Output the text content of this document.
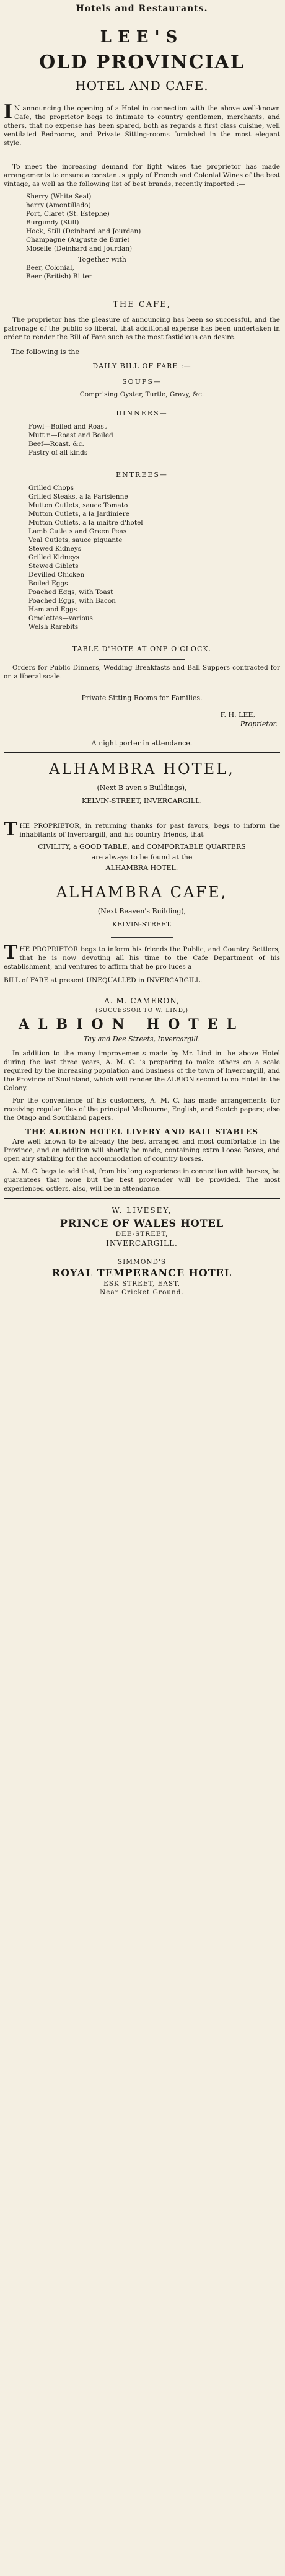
Hotels and Restaurants.
LEE'S
OLD PROVINCIAL
HOTEL AND CAFE.

IN announcing the opening of a Hotel in connection with the above well-known Cafe, the proprietor begs to intimate to country gentlemen, merchants, and others, that no expense has been spared, both as regards a first class cuisine, well ventilated Bedrooms, and Private Sitting-rooms furnished in the most elegant style.

To meet the increasing demand for light wines the proprietor has made arrangements to ensure a constant supply of French and Colonial Wines of the best vintage, as well as the following list of best brands, recently imported :—

Sherry (White Seal)
herry (Amontillado)
Port, Claret (St. Estephe)
Burgundy (Still)
Hock, Still (Deinhard and Jourdan)
Champagne (Auguste de Burie)
Moselle (Deinhard and Jourdan)
Together with
Beer, Colonial,
Beer (British) Bitter
THE CAFE,

The proprietor has the pleasure of announcing has been so successful, and the patronage of the public so liberal, that additional expense has been undertaken in order to render the Bill of Fare such as the most fastidious can desire.

The following is the
DAILY BILL OF FARE :—
SOUPS—
Comprising Oyster, Turtle, Gravy, &c.
DINNERS—
Fowl—Boiled and Roast
Mutt n—Roast and Boiled
Beef—Roast, &c.
Pastry of all kinds
ENTREES—
Grilled Chops
Grilled Steaks, a la Parisienne
Mutton Cutlets, sauce Tomato
Mutton Cutlets, a la Jardiniere
Mutton Cutlets, a la maitre d'hotel
Lamb Cutlets and Green Peas
Veal Cutlets, sauce piquante
Stewed Kidneys
Grilled Kidneys
Stewed Giblets
Devilled Chicken
Boiled Eggs
Poached Eggs, with Toast
Poached Eggs, with Bacon
Ham and Eggs
Omelettes—various
Welsh Rarebits
TABLE D'HOTE AT ONE O'CLOCK.

Orders for Public Dinners, Wedding Breakfasts and Ball Suppers contracted for on a liberal scale.

Private Sitting Rooms for Families.
F. H. LEE,
Proprietor.
A night porter in attendance.
ALHAMBRA HOTEL,
(Next B aven's Buildings),
KELVIN-STREET, INVERCARGILL.

THE PROPRIETOR, in returning thanks for past favors, begs to inform the inhabitants of Invercargill, and his country friends, that

CIVILITY, a GOOD TABLE, and COMFORTABLE QUARTERS
are always to be found at the
ALHAMBRA HOTEL.
ALHAMBRA CAFE,
(Next Beaven's Building),
KELVIN-STREET.

THE PROPRIETOR begs to inform his friends the Public, and Country Settlers, that he is now devoting all his time to the Cafe Department of his establishment, and ventures to affirm that he pro luces a

BILL of FARE at present UNEQUALLED in INVERCARGILL.

A. M. CAMERON,
(SUCCESSOR TO W. LIND,)
ALBION HOTEL
Tay and Dee Streets, Invercargill.

In addition to the many improvements made by Mr. Lind in the above Hotel during the last three years, A. M. C. is preparing to make others on a scale required by the increasing population and business of the town of Invercargill, and the Province of Southland, which will render the ALBION second to no Hotel in the Colony.

For the convenience of his customers, A. M. C. has made arrangements for receiving regular files of the principal Melbourne, English, and Scotch papers; also the Otago and Southland papers.

THE ALBION HOTEL LIVERY AND BAIT STABLES

Are well known to be already the best arranged and most comfortable in the Province, and an addition will shortly be made, containing extra Loose Boxes, and open airy stabling for the accommodation of country horses.

A. M. C. begs to add that, from his long experience in connection with horses, he guarantees that none but the best provender will be provided. The most experienced ostlers, also, will be in attendance.

W. LIVESEY,
PRINCE OF WALES HOTEL
DEE-STREET,
INVERCARGILL.
SIMMOND'S
ROYAL TEMPERANCE HOTEL
ESK STREET, EAST,
Near Cricket Ground.
